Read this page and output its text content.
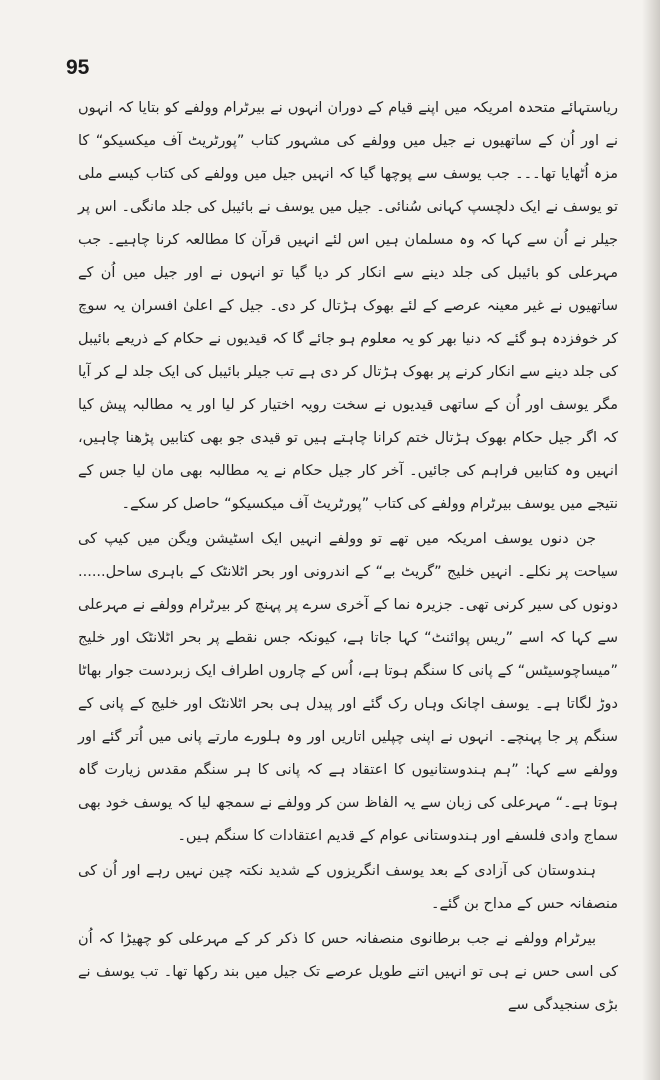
95

ریاستہائے متحدہ امریکہ میں اپنے قیام کے دوران انہوں نے بیرٹرام وولفے کو بتایا کہ انہوں نے اور اُن کے ساتھیوں نے جیل میں وولفے کی مشہور کتاب ”پورٹریٹ آف میکسیکو“ کا مزہ اُٹھایا تھا۔۔۔ جب یوسف سے پوچھا گیا کہ انہیں جیل میں وولفے کی کتاب کیسے ملی تو یوسف نے ایک دلچسپ کہانی سُنائی۔ جیل میں یوسف نے بائیبل کی جلد مانگی۔ اس پر جیلر نے اُن سے کہا کہ وہ مسلمان ہیں اس لئے انہیں قرآن کا مطالعہ کرنا چاہیے۔ جب مہرعلی کو بائیبل کی جلد دینے سے انکار کر دیا گیا تو انہوں نے اور جیل میں اُن کے ساتھیوں نے غیر معینہ عرصے کے لئے بھوک ہڑتال کر دی۔ جیل کے اعلیٰ افسران یہ سوچ کر خوفزدہ ہو گئے کہ دنیا بھر کو یہ معلوم ہو جائے گا کہ قیدیوں نے حکام کے ذریعے بائیبل کی جلد دینے سے انکار کرنے پر بھوک ہڑتال کر دی ہے تب جیلر بائیبل کی ایک جلد لے کر آیا مگر یوسف اور اُن کے ساتھی قیدیوں نے سخت رویہ اختیار کر لیا اور یہ مطالبہ پیش کیا کہ اگر جیل حکام بھوک ہڑتال ختم کرانا چاہتے ہیں تو قیدی جو بھی کتابیں پڑھنا چاہیں، انہیں وہ کتابیں فراہم کی جائیں۔ آخر کار جیل حکام نے یہ مطالبہ بھی مان لیا جس کے نتیجے میں یوسف بیرٹرام وولفے کی کتاب ”پورٹریٹ آف میکسیکو“ حاصل کر سکے۔

جن دنوں یوسف امریکہ میں تھے تو وولفے انہیں ایک اسٹیشن ویگن میں کیپ کی سیاحت پر نکلے۔ انہیں خلیج ”گریٹ بے“ کے اندرونی اور بحر اٹلانٹک کے باہری ساحل...... دونوں کی سیر کرنی تھی۔ جزیرہ نما کے آخری سرے پر پہنچ کر بیرٹرام وولفے نے مہرعلی سے کہا کہ اسے ”ریس پوائنٹ“ کہا جاتا ہے، کیونکہ جس نقطے پر بحر اٹلانٹک اور خلیج ”میساچوسیٹس“ کے پانی کا سنگم ہوتا ہے، اُس کے چاروں اطراف ایک زبردست جوار بھاٹا دوڑ لگاتا ہے۔ یوسف اچانک وہاں رک گئے اور پیدل ہی بحر اٹلانٹک اور خلیج کے پانی کے سنگم پر جا پہنچے۔ انہوں نے اپنی چپلیں اتاریں اور وہ ہلورے مارتے پانی میں اُتر گئے اور وولفے سے کہا: ”ہم ہندوستانیوں کا اعتقاد ہے کہ پانی کا ہر سنگم مقدس زیارت گاہ ہوتا ہے۔“ مہرعلی کی زبان سے یہ الفاظ سن کر وولفے نے سمجھ لیا کہ یوسف خود بھی سماج وادی فلسفے اور ہندوستانی عوام کے قدیم اعتقادات کا سنگم ہیں۔

ہندوستان کی آزادی کے بعد یوسف انگریزوں کے شدید نکتہ چین نہیں رہے اور اُن کی منصفانہ حس کے مداح بن گئے۔

بیرٹرام وولفے نے جب برطانوی منصفانہ حس کا ذکر کر کے مہرعلی کو چھیڑا کہ اُن کی اسی حس نے ہی تو انہیں اتنے طویل عرصے تک جیل میں بند رکھا تھا۔ تب یوسف نے بڑی سنجیدگی سے
